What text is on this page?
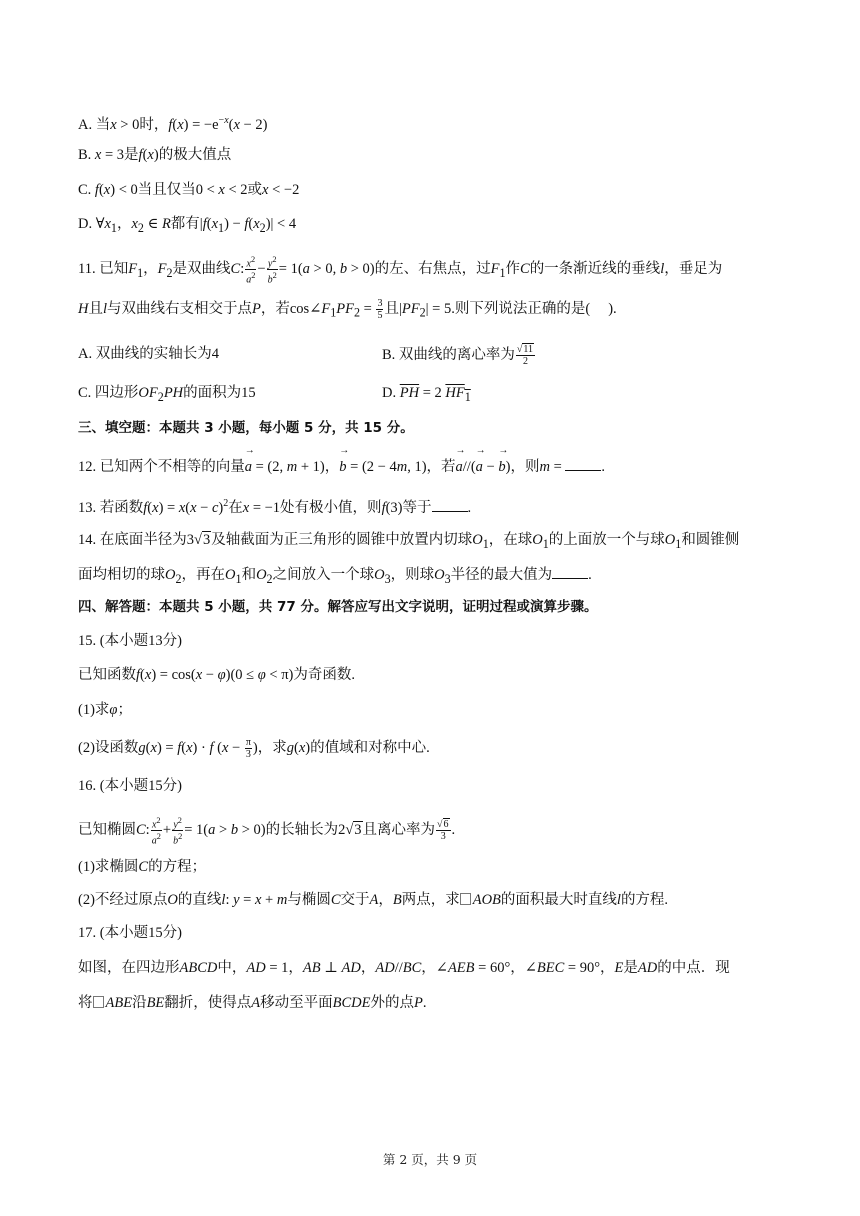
A. 当x > 0时，$f(x) = -e^{-x}(x - 2)$
B. x = 3是f(x)的极大值点
C. f(x) < 0当且仅当0 < x < 2或x < −2
D. $\forall x_1$，$x_2$ ∈ R都有$|f(x_1) - f(x_2)| < 4$
11. 已知$F_1$，$F_2$是双曲线C: $\frac{x^2}{a^2} - \frac{y^2}{b^2} = 1(a > 0$, b > 0)的左、右焦点，过$F_1$作C的一条渐近线的垂线l，垂足为
H且l与双曲线右支相交于点P，若$\cos\angle F_1PF_2 = \frac{3}{5}$ 且$|PF_2| = 5$.则下列说法正确的是( ).
A. 双曲线的实轴长为4	B. 双曲线的离心率为 $\frac{√11}{2}$
C. 四边形$OF_2PH$的面积为15	D. $\overline{PH} = 2$ $HF_1$
三、填空题：本题共 3 小题，每小题 5 分，共 15 分。
12. 已知两个不相等的向量→ a = (2, m + 1)，→ b = (2 − 4m, 1)，若→ a//(→ a − → b)，则m = .
13. 若函数$f(x) = x(x - c)^2$在x = −1处有极小值，则f(3)等于 .
14. 在底面半径为3√3及轴截面为正三角形的圆锥中放置内切球$O_1$，在球$O_1$的上面放一个与球$O_1$和圆锥侧
面均相切的球$O_2$，再在$O_1$和$O_2$之间放入一个球$O_3$，则球$O_3$半径的最大值为 .
四、解答题：本题共 5 小题，共 77 分。解答应写出文字说明，证明过程或演算步骤。
15. (本小题13分)
已知函数f(x) = cos(x − φ)(0 ≤ φ < π)为奇函数.
(1)求φ；
(2)设函数g(x) = f(x) · f ($x - \frac{\pi}{3}$ )，求g(x)的值域和对称中心.
16. (本小题15分)
已知椭圆C: $\frac{x^2}{a^2} + \frac{y^2}{b^2} = 1(a > b > 0)$的长轴长为2√3且离心率为 $\frac{√6}{3}$ .
(1)求椭圆C的方程；
(2)不经过原点O的直线l: y = x + m与椭圆C交于A，B两点，求 AOB的面积最大时直线l的方程.
17. (本小题15分)
如图，在四边形ABCD中，AD = 1，AB ⊥ AD，AD//BC，∠AEB = 60°，∠BEC = 90°，E是AD的中点．现
将 ABE沿BE翻折，使得点A移动至平面BCDE外的点P.
第 2 页，共 9 页
